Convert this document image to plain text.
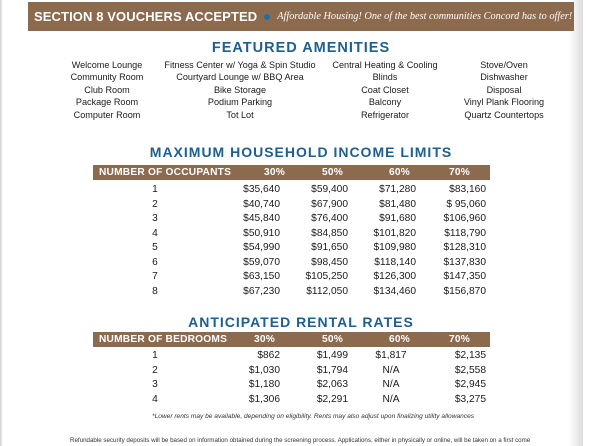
SECTION 8 VOUCHERS ACCEPTED Affordable Housing! One of the best communities Concord has to offer!
FEATURED AMENITIES
Welcome Lounge
Community Room
Club Room
Package Room
Computer Room
Fitness Center w/ Yoga & Spin Studio
Courtyard Lounge w/ BBQ Area
Bike Storage
Podium Parking
Tot Lot
Central Heating & Cooling
Blinds
Coat Closet
Balcony
Refrigerator
Stove/Oven
Dishwasher
Disposal
Vinyl Plank Flooring
Quartz Countertops
MAXIMUM HOUSEHOLD INCOME LIMITS
NUMBER OF OCCUPANTS	30%	50%	60%	70%
1	$35,640	$59,400	$71,280	$83,160
2	$40,740	$67,900	$81,480	$ 95,060
3	$45,840	$76,400	$91,680	$106,960
4	$50,910	$84,850	$101,820	$118,790
5	$54,990	$91,650	$109,980	$128,310
6	$59,070	$98,450	$118,140	$137,830
7	$63,150	$105,250	$126,300	$147,350
8	$67,230	$112,050	$134,460	$156,870
ANTICIPATED RENTAL RATES
NUMBER OF BEDROOMS	30%	50%	60%	70%
1	$862	$1,499	$1,817	$2,135
2	$1,030	$1,794	N/A	$2,558
3	$1,180	$2,063	N/A	$2,945
4	$1,306	$2,291	N/A	$3,275
*Lower rents may be available, depending on eligibility. Rents may also adjust upon finalizing utility allowances
Refundable security deposits will be based on information obtained during the screening process. Applications, either in physically or online, will be taken on a first come
